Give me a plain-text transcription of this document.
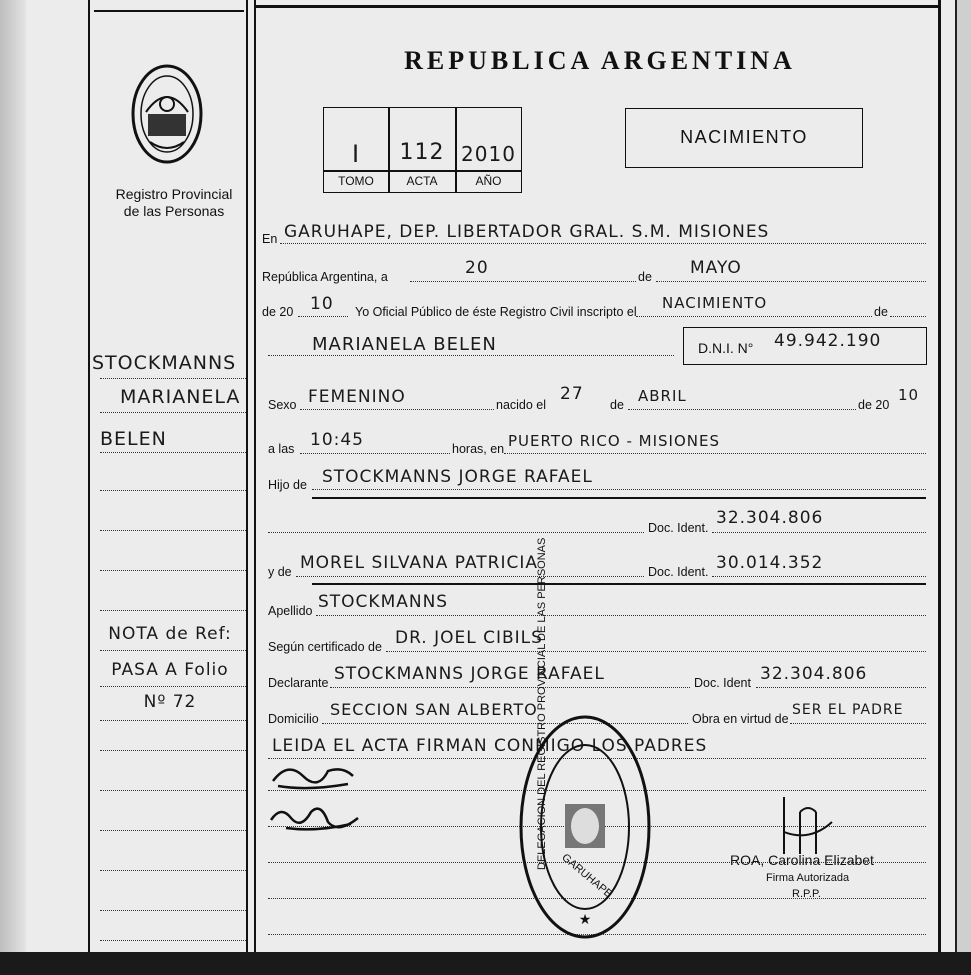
Registro Provincial
de las Personas
STOCKMANNS
MARIANELA
BELEN
NOTA de Ref:
PASA A Folio
Nº 72
REPUBLICA ARGENTINA
I	112 2010
TOMO	ACTA	AÑO
NACIMIENTO
En GARUHAPE, DEP. LIBERTADOR GRAL. S.M. MISIONES
República Argentina, a	20	de MAYO
de 20 10 Yo Oficial Público de éste Registro Civil inscripto el NACIMIENTO	de
MARIANELA BELEN	D.N.I. N° 49.942.190
Sexo FEMENINO	nacido el
27
de ABRIL	de 20
10
a las 10:45	horas, en PUERTO RICO - MISIONES
Hijo de STOCKMANNS JORGE RAFAEL
Doc. Ident. 32.304.806
y de MOREL SILVANA PATRICIA	Doc. Ident. 30.014.352
Apellido STOCKMANNS
Según certificado de DR. JOEL CIBILS
Declarante STOCKMANNS JORGE RAFAEL	Doc. Ident 32.304.806
Domicilio SECCION SAN ALBERTO	Obra en virtud de
SER EL PADRE
LEIDA EL ACTA FIRMAN CONMIGO LOS PADRES
★
DELEGACION DEL REGISTRO PROVINCIAL DE LAS PERSONAS
GARUHAPE	ROA, Carolina Elizabet
Firma Autorizada
R.P.P.
